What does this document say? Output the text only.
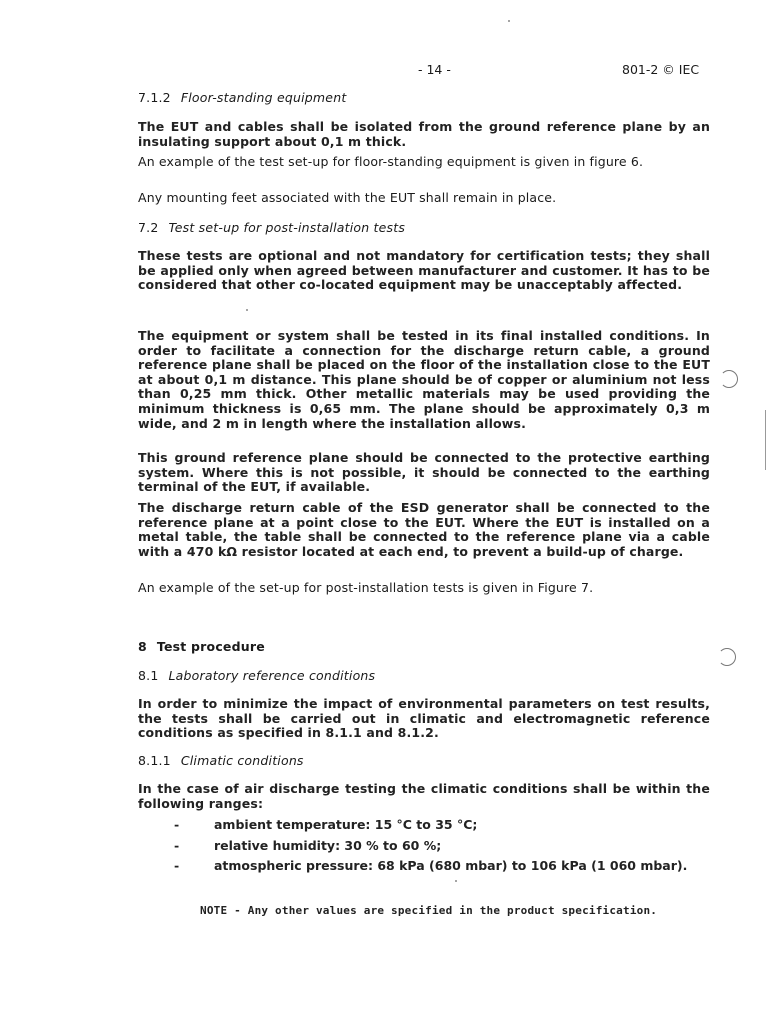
- 14 -	801-2 © IEC
7.1.2 Floor-standing equipment

The EUT and cables shall be isolated from the ground reference plane by an insulating support about 0,1 m thick.

An example of the test set-up for floor-standing equipment is given in figure 6.

Any mounting feet associated with the EUT shall remain in place.

7.2 Test set-up for post-installation tests

These tests are optional and not mandatory for certification tests; they shall be applied only when agreed between manufacturer and customer. It has to be considered that other co-located equipment may be unacceptably affected.

The equipment or system shall be tested in its final installed conditions. In order to facilitate a connection for the discharge return cable, a ground reference plane shall be placed on the floor of the installation close to the EUT at about 0,1 m distance. This plane should be of copper or aluminium not less than 0,25 mm thick. Other metallic materials may be used providing the minimum thickness is 0,65 mm. The plane should be approximately 0,3 m wide, and 2 m in length where the installation allows.

This ground reference plane should be connected to the protective earthing system. Where this is not possible, it should be connected to the earthing terminal of the EUT, if available.

The discharge return cable of the ESD generator shall be connected to the reference plane at a point close to the EUT. Where the EUT is installed on a metal table, the table shall be connected to the reference plane via a cable with a 470 kΩ resistor located at each end, to prevent a build-up of charge.

An example of the set-up for post-installation tests is given in Figure 7.

8 Test procedure
8.1 Laboratory reference conditions

In order to minimize the impact of environmental parameters on test results, the tests shall be carried out in climatic and electromagnetic reference conditions as specified in 8.1.1 and 8.1.2.

8.1.1 Climatic conditions

In the case of air discharge testing the climatic conditions shall be within the following ranges:

-	ambient temperature: 15 °C to 35 °C;
-	relative humidity: 30 % to 60 %;
-	atmospheric pressure: 68 kPa (680 mbar) to 106 kPa (1 060 mbar).
NOTE - Any other values are specified in the product specification.
